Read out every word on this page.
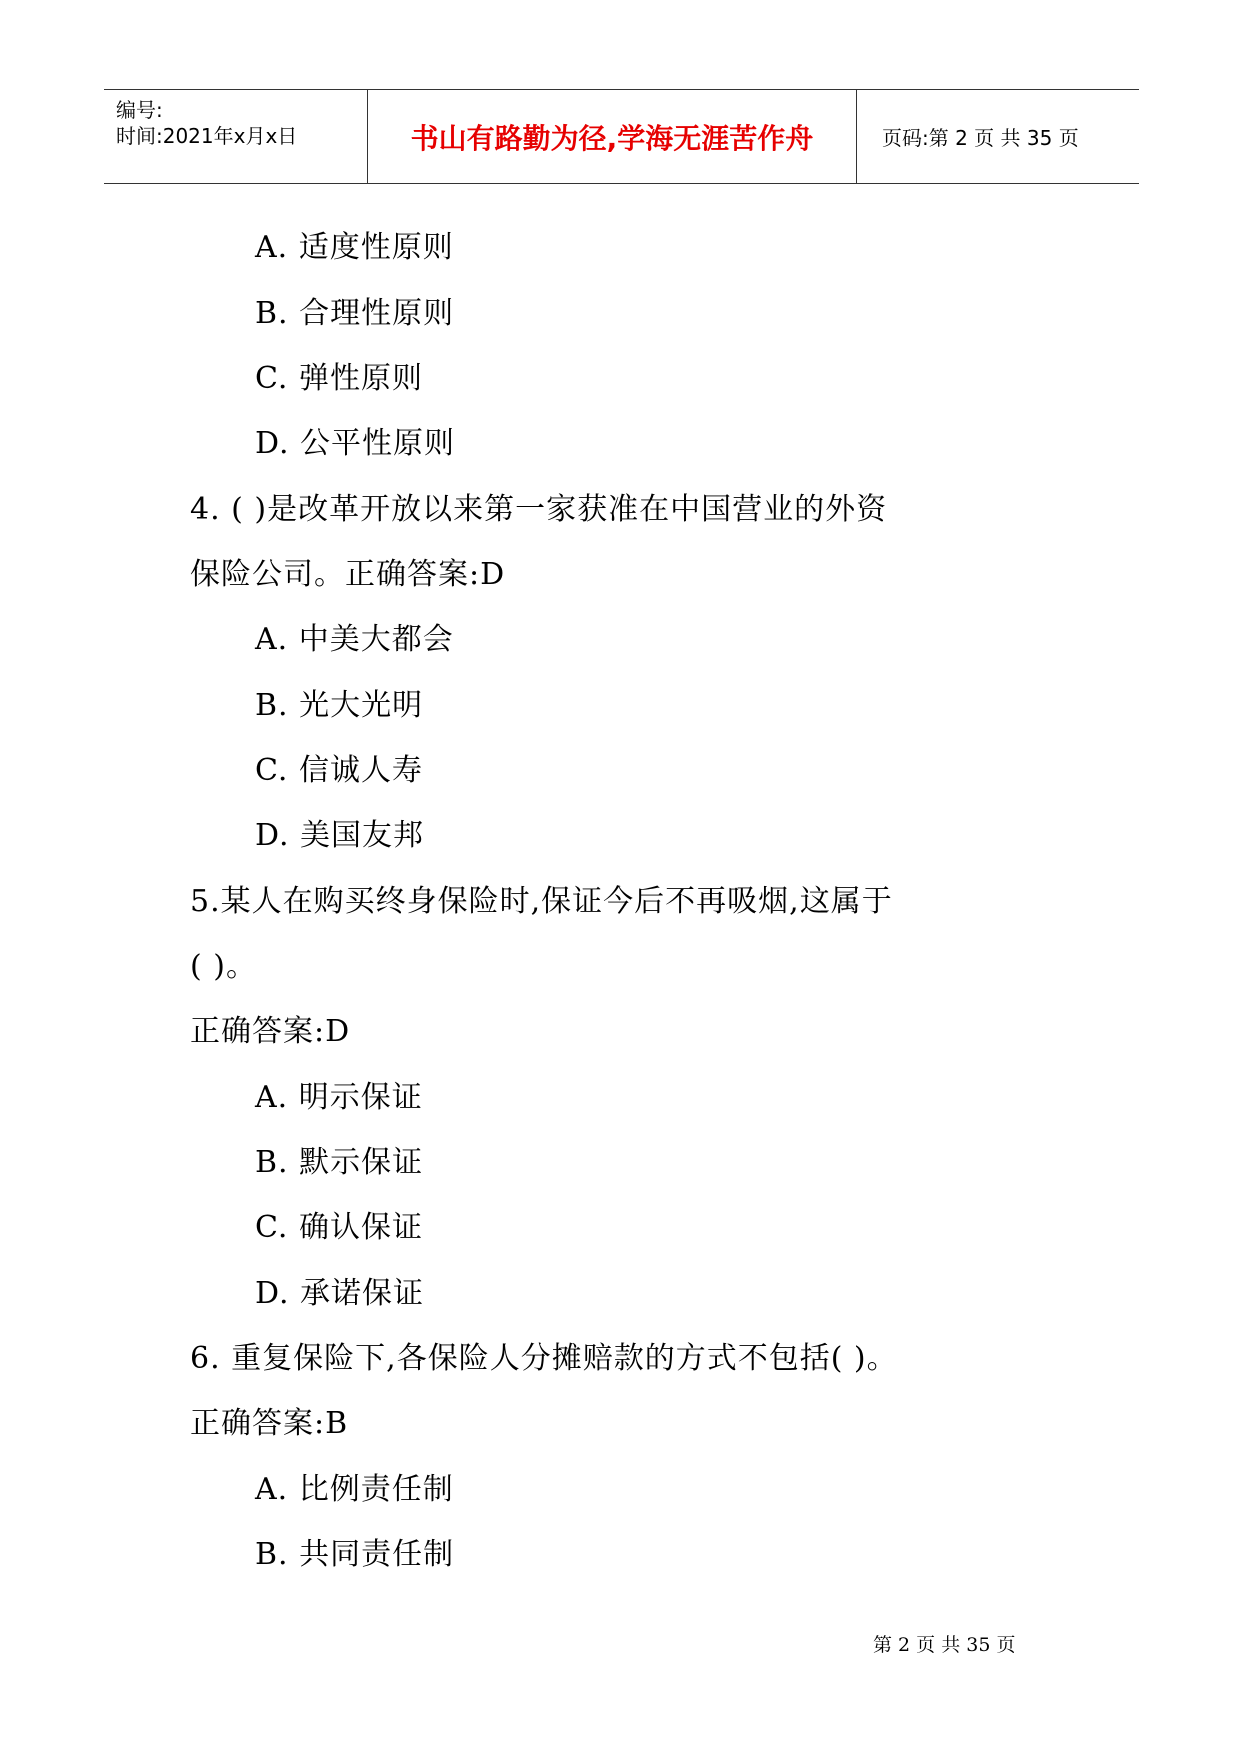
编号:
时间:2021年x月x日	书山有路勤为径,学海无涯苦作舟	页码:第 2 页 共 35 页
A. 适度性原则
B. 合理性原则
C. 弹性原则
D. 公平性原则
4. ( )是改革开放以来第一家获准在中国营业的外资
保险公司。正确答案:D
A. 中美大都会
B. 光大光明
C. 信诚人寿
D. 美国友邦
5.某人在购买终身保险时,保证今后不再吸烟,这属于
( )。
正确答案:D
A. 明示保证
B. 默示保证
C. 确认保证
D. 承诺保证
6. 重复保险下,各保险人分摊赔款的方式不包括( )。
正确答案:B
A. 比例责任制
B. 共同责任制
第 2 页 共 35 页
